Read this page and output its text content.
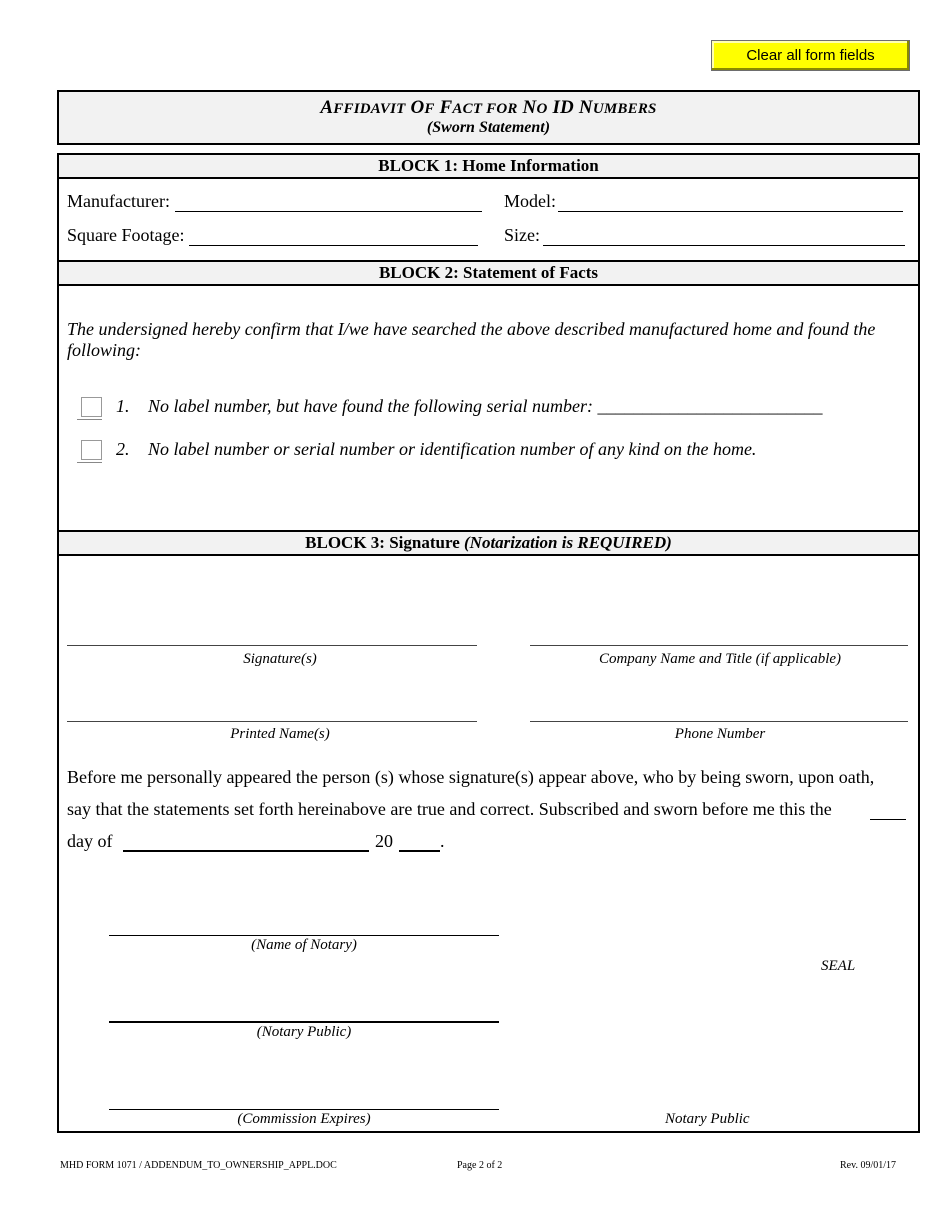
Clear all form fields
AFFIDAVIT OF FACT FOR NO ID NUMBERS
(Sworn Statement)
BLOCK 1: Home Information
Manufacturer:	Model:
Square Footage:	Size:
BLOCK 2: Statement of Facts
The undersigned hereby confirm that I/we have searched the above described manufactured home and found the following:
1. No label number, but have found the following serial number: _________________________
2. No label number or serial number or identification number of any kind on the home.
BLOCK 3: Signature (Notarization is REQUIRED)
Signature(s)	Company Name and Title (if applicable)
Printed Name(s)	Phone Number
Before me personally appeared the person (s) whose signature(s) appear above, who by being sworn, upon oath,
say that the statements set forth hereinabove are true and correct. Subscribed and sworn before me this the
day of	20	.
(Name of Notary)
SEAL
(Notary Public)
(Commission Expires)	Notary Public
MHD FORM 1071 / ADDENDUM_TO_OWNERSHIP_APPL.DOC	Page 2 of 2	Rev. 09/01/17
